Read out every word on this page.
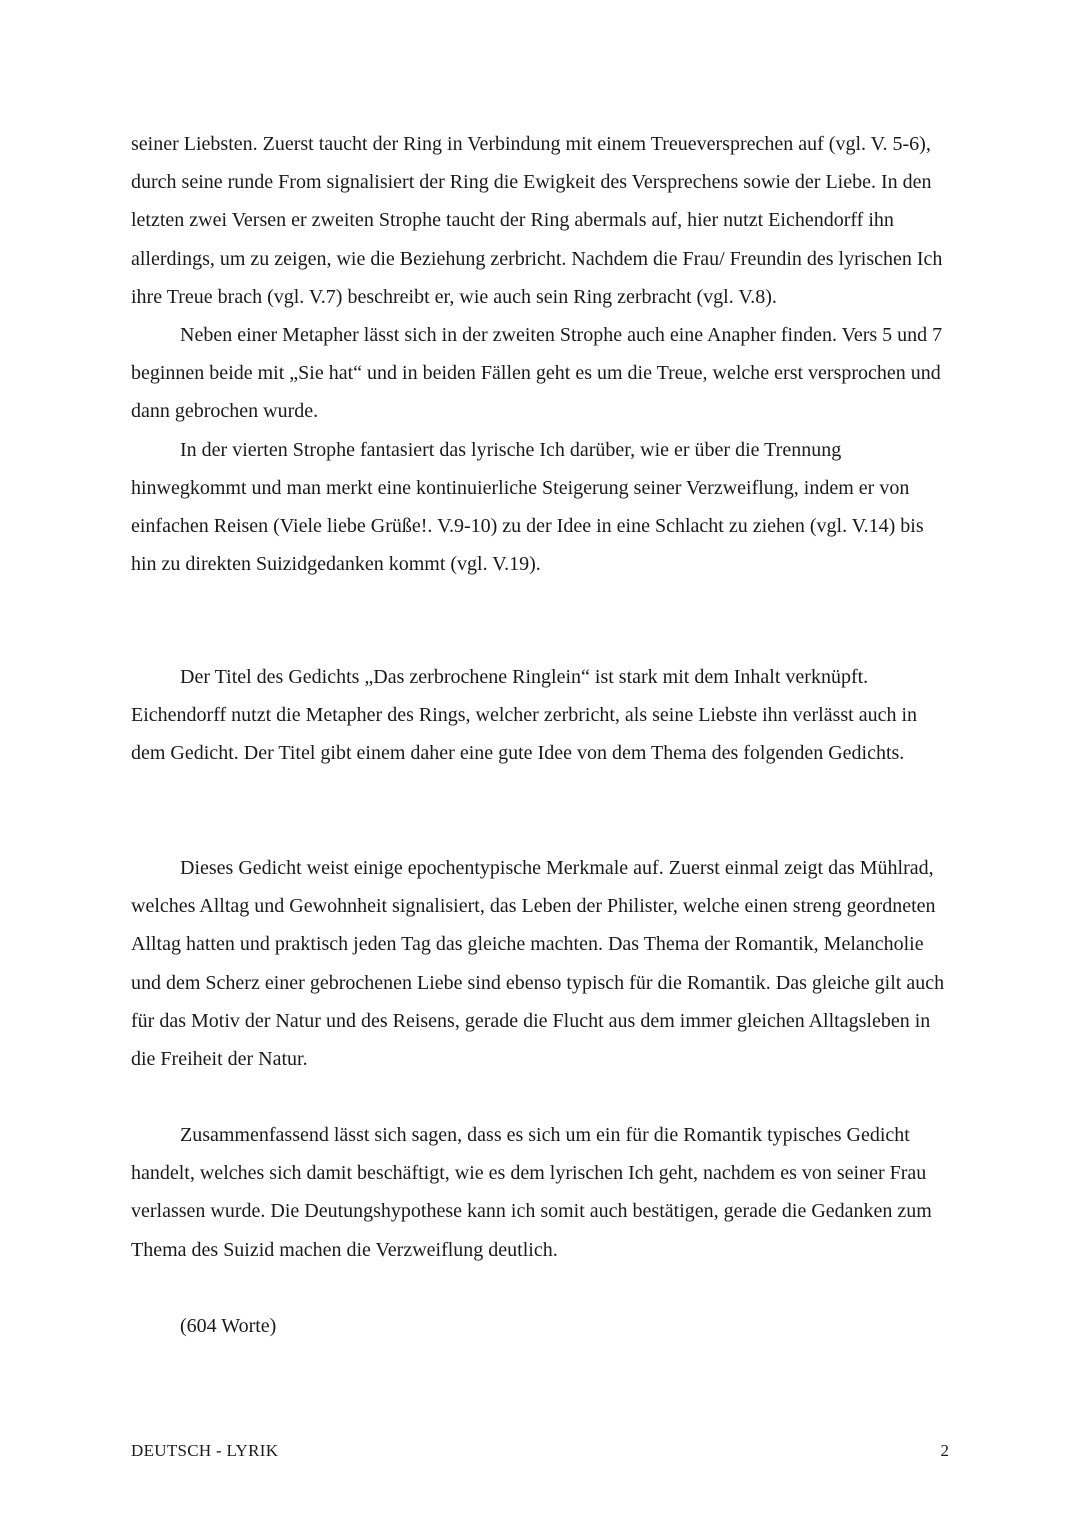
seiner Liebsten. Zuerst taucht der Ring in Verbindung mit einem Treueversprechen auf (vgl. V. 5-6), durch seine runde From signalisiert der Ring die Ewigkeit des Versprechens sowie der Liebe. In den letzten zwei Versen er zweiten Strophe taucht der Ring abermals auf, hier nutzt Eichendorff ihn allerdings, um zu zeigen, wie die Beziehung zerbricht. Nachdem die Frau/ Freundin des lyrischen Ich ihre Treue brach (vgl. V.7) beschreibt er, wie auch sein Ring zerbracht (vgl. V.8).

Neben einer Metapher lässt sich in der zweiten Strophe auch eine Anapher finden. Vers 5 und 7 beginnen beide mit „Sie hat“ und in beiden Fällen geht es um die Treue, welche erst versprochen und dann gebrochen wurde.

In der vierten Strophe fantasiert das lyrische Ich darüber, wie er über die Trennung hinwegkommt und man merkt eine kontinuierliche Steigerung seiner Verzweiflung, indem er von einfachen Reisen (Viele liebe Grüße!. V.9-10) zu der Idee in eine Schlacht zu ziehen (vgl. V.14) bis hin zu direkten Suizidgedanken kommt (vgl. V.19).

Der Titel des Gedichts „Das zerbrochene Ringlein“ ist stark mit dem Inhalt verknüpft. Eichendorff nutzt die Metapher des Rings, welcher zerbricht, als seine Liebste ihn verlässt auch in dem Gedicht. Der Titel gibt einem daher eine gute Idee von dem Thema des folgenden Gedichts.

Dieses Gedicht weist einige epochentypische Merkmale auf. Zuerst einmal zeigt das Mühlrad, welches Alltag und Gewohnheit signalisiert, das Leben der Philister, welche einen streng geordneten Alltag hatten und praktisch jeden Tag das gleiche machten. Das Thema der Romantik, Melancholie und dem Scherz einer gebrochenen Liebe sind ebenso typisch für die Romantik. Das gleiche gilt auch für das Motiv der Natur und des Reisens, gerade die Flucht aus dem immer gleichen Alltagsleben in die Freiheit der Natur.

Zusammenfassend lässt sich sagen, dass es sich um ein für die Romantik typisches Gedicht handelt, welches sich damit beschäftigt, wie es dem lyrischen Ich geht, nachdem es von seiner Frau verlassen wurde. Die Deutungshypothese kann ich somit auch bestätigen, gerade die Gedanken zum Thema des Suizid machen die Verzweiflung deutlich.

(604 Worte)

DEUTSCH - LYRIK	2
